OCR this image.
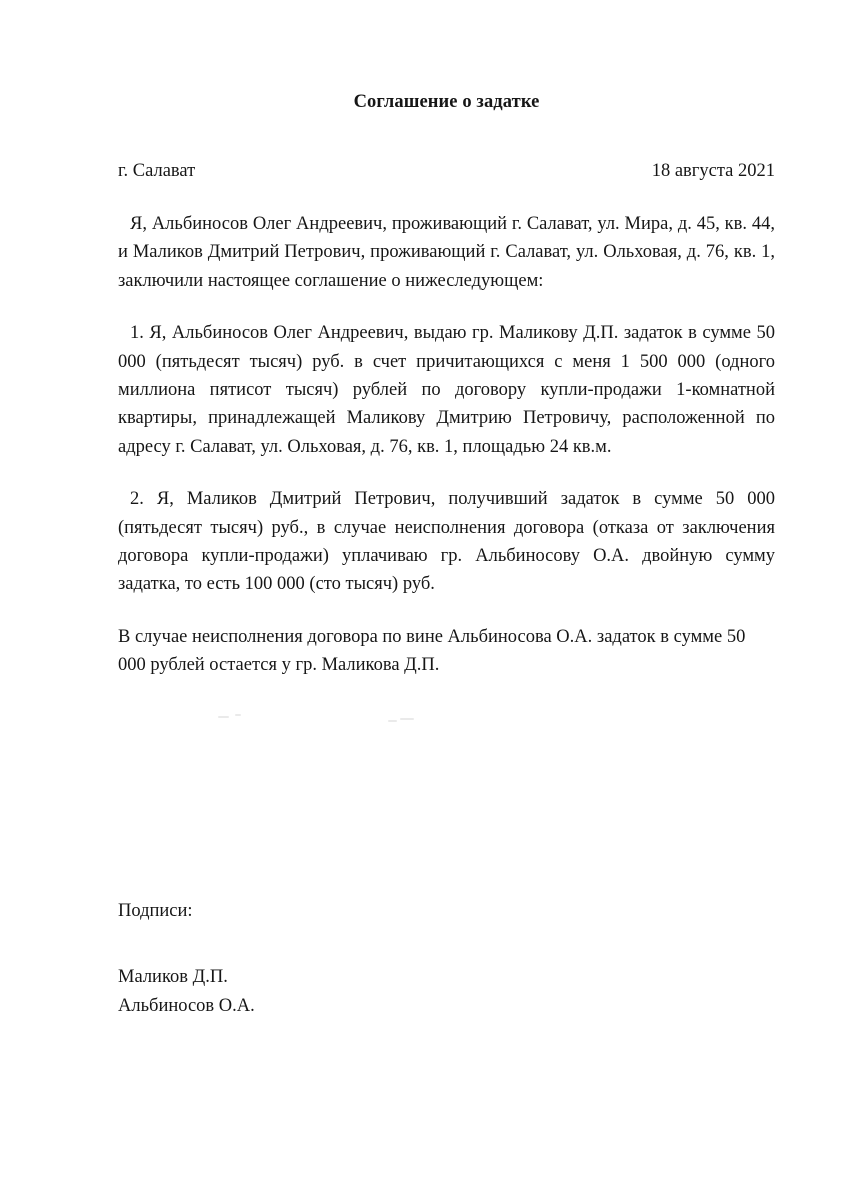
Соглашение о задатке
г. Салават	18 августа 2021

Я, Альбиносов Олег Андреевич, проживающий г. Салават, ул. Мира, д. 45, кв. 44, и Маликов Дмитрий Петрович, проживающий г. Салават, ул. Ольховая, д. 76, кв. 1, заключили настоящее соглашение о нижеследующем:

1. Я, Альбиносов Олег Андреевич, выдаю гр. Маликову Д.П. задаток в сумме 50 000 (пятьдесят тысяч) руб. в счет причитающихся с меня 1 500 000 (одного миллиона пятисот тысяч) рублей по договору купли-продажи 1-комнатной квартиры, принадлежащей Маликову Дмитрию Петровичу, расположенной по адресу г. Салават, ул. Ольховая, д. 76, кв. 1, площадью 24 кв.м.

2. Я, Маликов Дмитрий Петрович, получивший задаток в сумме 50 000 (пятьдесят тысяч) руб., в случае неисполнения договора (отказа от заключения договора купли-продажи) уплачиваю гр. Альбиносову О.А. двойную сумму задатка, то есть 100 000 (сто тысяч) руб.

В случае неисполнения договора по вине Альбиносова О.А. задаток в сумме 50 000 рублей остается у гр. Маликова Д.П.

Подписи:

Маликов Д.П.
Альбиносов О.А.
